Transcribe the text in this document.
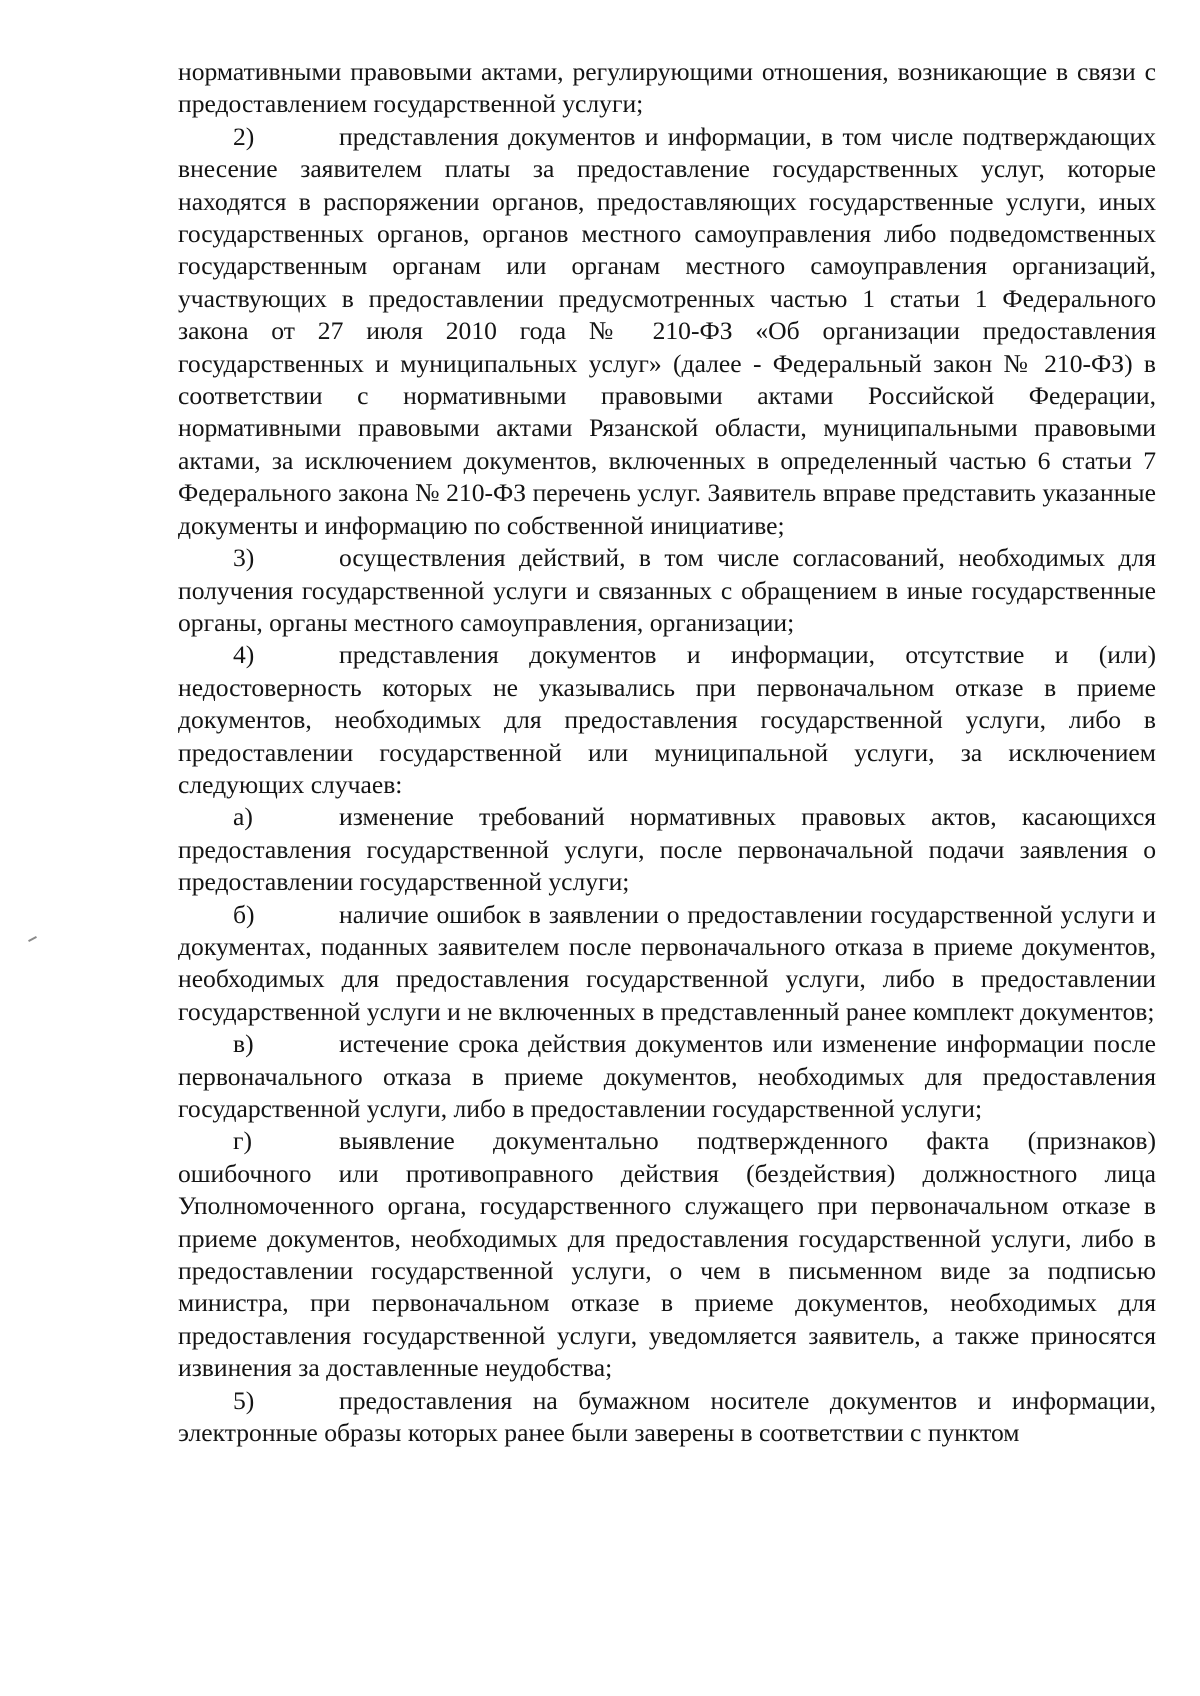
нормативными правовыми актами, регулирующими отношения, возникающие в связи с предоставлением государственной услуги;

2)	представления документов и информации, в том числе подтверждающих внесение заявителем платы за предоставление государственных услуг, которые находятся в распоряжении органов, предоставляющих государственные услуги, иных государственных органов, органов местного самоуправления либо подведомственных государственным органам или органам местного самоуправления организаций, участвующих в предоставлении предусмотренных частью 1 статьи 1 Федерального закона от 27 июля 2010 года № 210-ФЗ «Об организации предоставления государственных и муниципальных услуг» (далее - Федеральный закон № 210-ФЗ) в соответствии с нормативными правовыми актами Российской Федерации, нормативными правовыми актами Рязанской области, муниципальными правовыми актами, за исключением документов, включенных в определенный частью 6 статьи 7 Федерального закона № 210-ФЗ перечень услуг. Заявитель вправе представить указанные документы и информацию по собственной инициативе;

3)	осуществления действий, в том числе согласований, необходимых для получения государственной услуги и связанных с обращением в иные государственные органы, органы местного самоуправления, организации;

4)	представления документов и информации, отсутствие и (или) недостоверность которых не указывались при первоначальном отказе в приеме документов, необходимых для предоставления государственной услуги, либо в предоставлении государственной или муниципальной услуги, за исключением следующих случаев:

а)	изменение требований нормативных правовых актов, касающихся предоставления государственной услуги, после первоначальной подачи заявления о предоставлении государственной услуги;

б)	наличие ошибок в заявлении о предоставлении государственной услуги и документах, поданных заявителем после первоначального отказа в приеме документов, необходимых для предоставления государственной услуги, либо в предоставлении государственной услуги и не включенных в представленный ранее комплект документов;

в)	истечение срока действия документов или изменение информации после первоначального отказа в приеме документов, необходимых для предоставления государственной услуги, либо в предоставлении государственной услуги;

г)	выявление документально подтвержденного факта (признаков) ошибочного или противоправного действия (бездействия) должностного лица Уполномоченного органа, государственного служащего при первоначальном отказе в приеме документов, необходимых для предоставления государственной услуги, либо в предоставлении государственной услуги, о чем в письменном виде за подписью министра, при первоначальном отказе в приеме документов, необходимых для предоставления государственной услуги, уведомляется заявитель, а также приносятся извинения за доставленные неудобства;

5)	предоставления на бумажном носителе документов и информации, электронные образы которых ранее были заверены в соответствии с пунктом
